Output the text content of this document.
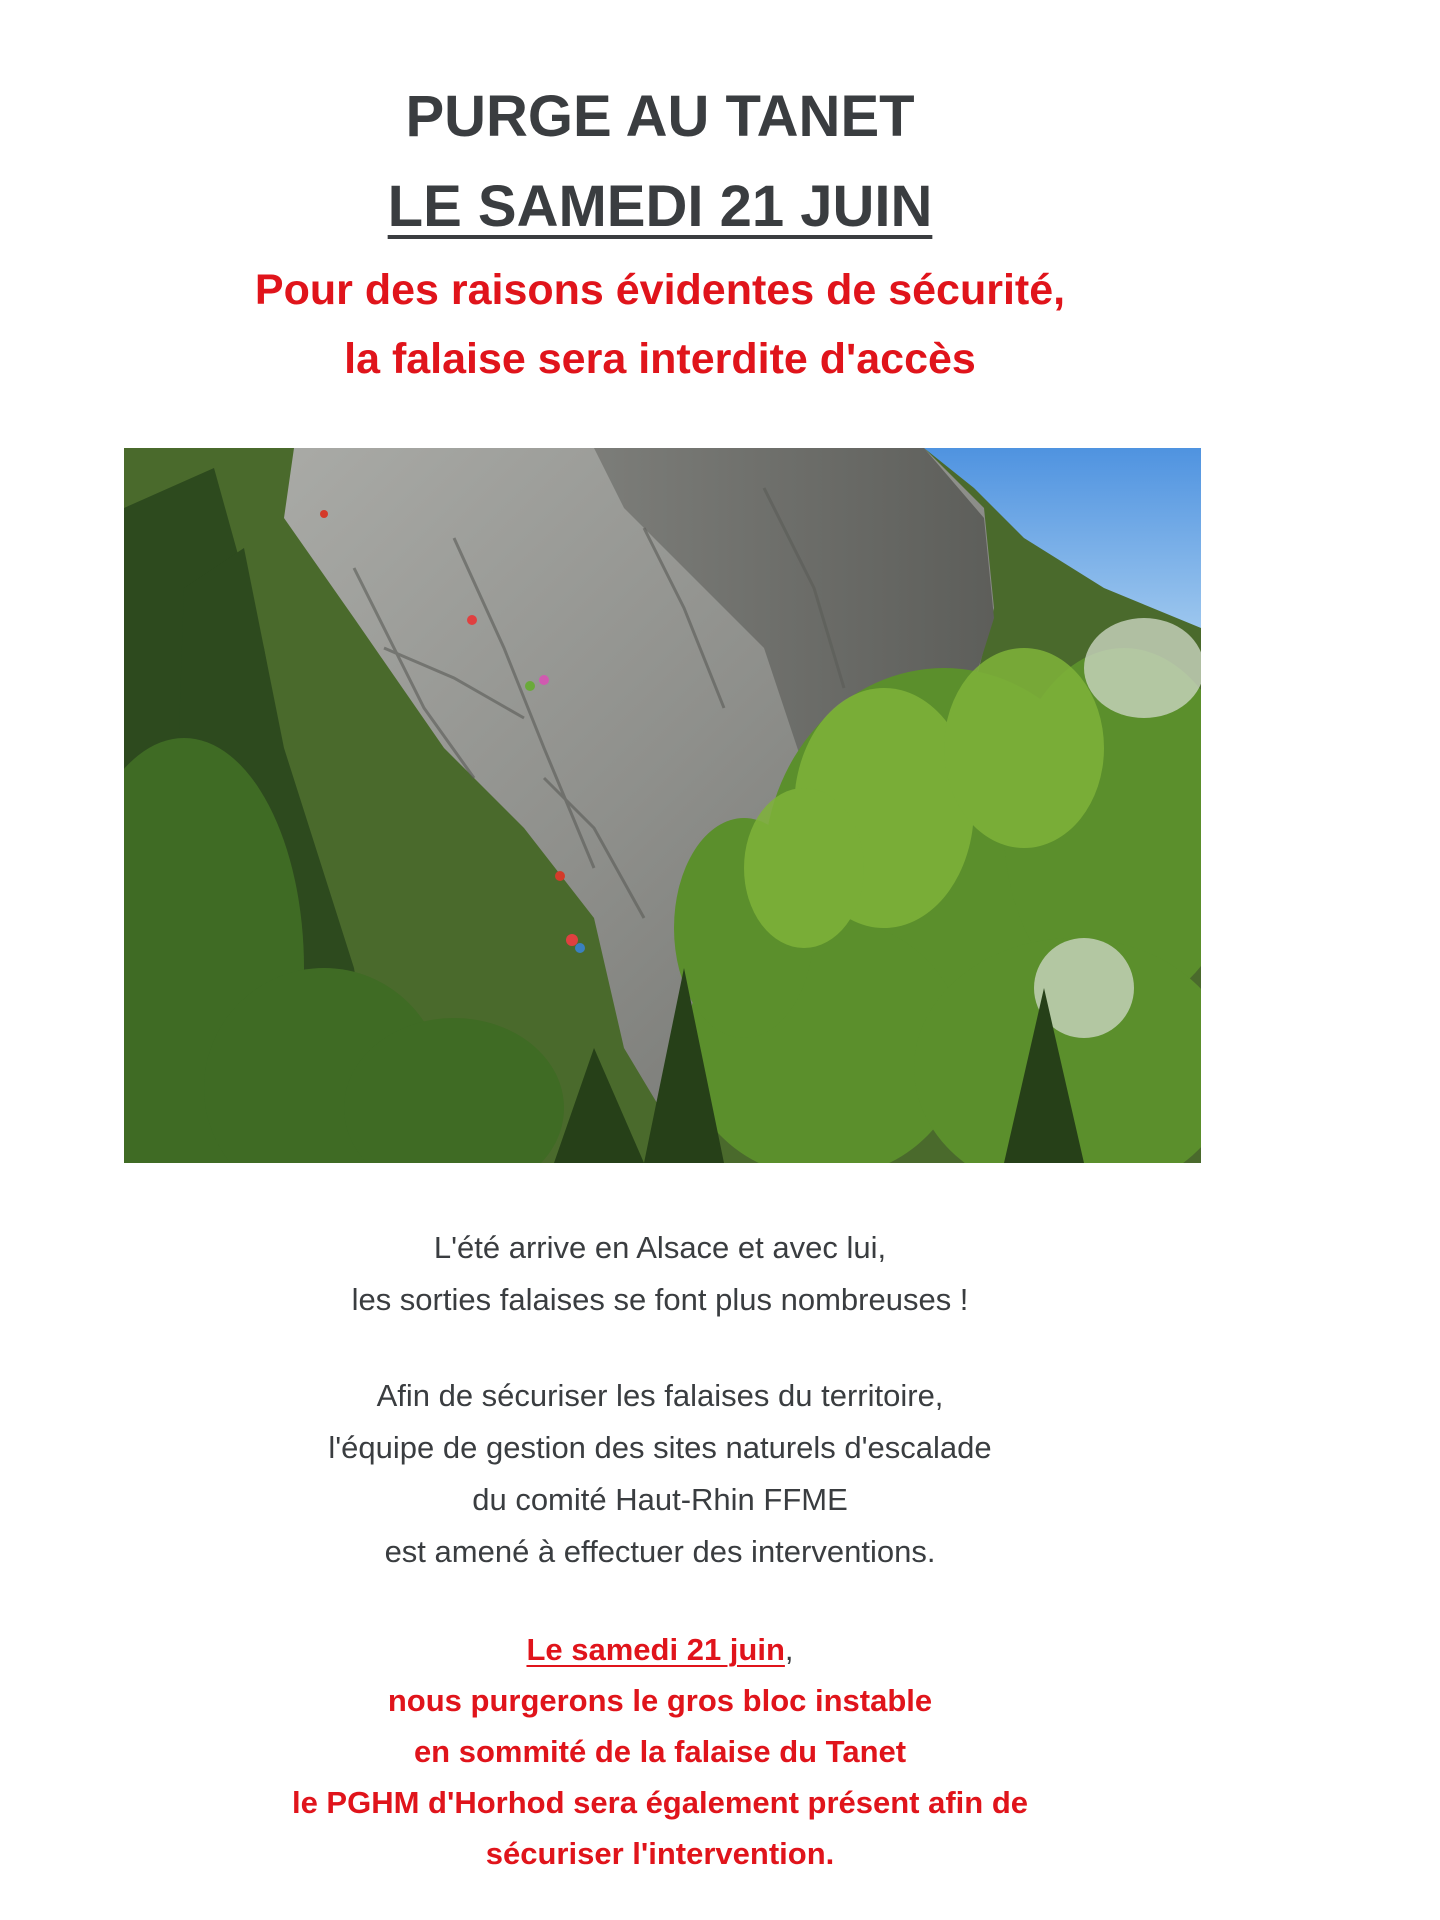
PURGE AU TANET
LE SAMEDI 21 JUIN

Pour des raisons évidentes de sécurité,

la falaise sera interdite d'accès

L'été arrive en Alsace et avec lui,
les sorties falaises se font plus nombreuses !

Afin de sécuriser les falaises du territoire,
l'équipe de gestion des sites naturels d'escalade
du comité Haut-Rhin FFME
est amené à effectuer des interventions.

Le samedi 21 juin,
nous purgerons le gros bloc instable
en sommité de la falaise du Tanet
le PGHM d'Horhod sera également présent afin de
sécuriser l'intervention.
